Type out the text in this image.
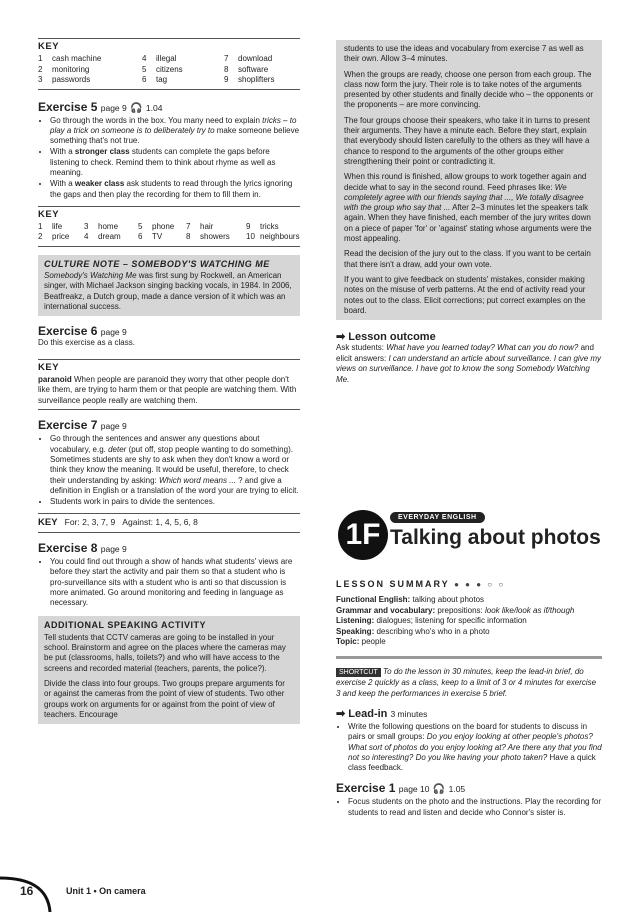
KEY
1	cash machine	4	illegal	7	download
2	monitoring	5	citizens	8	software
3	passwords	6	tag	9	shoplifters
Exercise 5 page 9 🎧 1.04
• Go through the words in the box. You many need to explain tricks – to play a trick on someone is to deliberately try to make someone believe something that's not true.
• With a stronger class students can complete the gaps before listening to check. Remind them to think about rhyme as well as meaning.
• With a weaker class ask students to read through the lyrics ignoring the gaps and then play the recording for them to fill them in.
KEY
1	life	3	home	5	phone	7	hair	9	tricks
2	price	4	dream	6	TV	8	showers	10 neighbours
CULTURE NOTE – SOMEBODY'S WATCHING ME
Somebody's Watching Me was first sung by Rockwell, an American singer, with Michael Jackson singing backing vocals, in 1984. In 2006, Beatfreakz, a Dutch group, made a dance version of it which was an international success.
Exercise 6 page 9
Do this exercise as a class.
KEY
paranoid When people are paranoid they worry that other people don't like them, are trying to harm them or that people are watching them. With surveillance people really are watching them.
Exercise 7 page 9
• Go through the sentences and answer any questions about vocabulary, e.g. deter (put off, stop people wanting to do something). Sometimes students are shy to ask when they don't know a word or think they know the meaning. It would be useful, therefore, to check their understanding by asking: Which word means ... ? and give a definition in English or a translation of the word your are trying to elicit.
• Students work in pairs to divide the sentences.
KEY For: 2, 3, 7, 9 Against: 1, 4, 5, 6, 8
Exercise 8 page 9
• You could find out through a show of hands what students' views are before they start the activity and pair them so that a student who is pro-surveillance sits with a student who is anti so that discussion is more animated. Go around monitoring and feeding in language as necessary.
ADDITIONAL SPEAKING ACTIVITY
Tell students that CCTV cameras are going to be installed in your school. Brainstorm and agree on the places where the cameras may be put (classrooms, halls, toilets?) and who will have access to the screens and recorded material (teachers, parents, the police?).
Divide the class into four groups. Two groups prepare arguments for or against the cameras from the point of view of students. Two other groups work on arguments for or against from the point of view of teachers. Encourage

students to use the ideas and vocabulary from exercise 7 as well as their own. Allow 3–4 minutes.

When the groups are ready, choose one person from each group. The class now form the jury. Their role is to take notes of the arguments presented by other students and finally decide who – the opponents or the proponents – are more convincing.

The four groups choose their speakers, who take it in turns to present their arguments. They have a minute each. Before they start, explain that everybody should listen carefully to the others as they will have a chance to respond to the arguments of the other groups either strengthening their point or contradicting it.

When this round is finished, allow groups to work together again and decide what to say in the second round. Feed phrases like: We completely agree with our friends saying that ..., We totally disagree with the group who say that ... After 2–3 minutes let the speakers talk again. When they have finished, each member of the jury writes down on a piece of paper 'for' or 'against' stating whose arguments were the most appealing.

Read the decision of the jury out to the class. If you want to be certain that there isn't a draw, add your own vote.

If you want to give feedback on students' mistakes, consider making notes on the misuse of verb patterns. At the end of activity read your notes out to the class. Elicit corrections; put correct examples on the board.

➡ Lesson outcome
Ask students: What have you learned today? What can you do now? and elicit answers: I can understand an article about surveillance. I can give my views on surveillance. I have got to know the song Somebody Watching Me.
1F
EVERYDAY ENGLISH
Talking about photos
LESSON SUMMARY ● ● ● ○ ○
Functional English: talking about photos
Grammar and vocabulary: prepositions: look like/look as if/though
Listening: dialogues; listening for specific information
Speaking: describing who's who in a photo
Topic: people
SHORTCUT To do the lesson in 30 minutes, keep the lead-in brief, do exercise 2 quickly as a class, keep to a limit of 3 or 4 minutes for exercise 3 and keep the performances in exercise 5 brief.
➡ Lead-in 3 minutes
• Write the following questions on the board for students to discuss in pairs or small groups: Do you enjoy looking at other people's photos? What sort of photos do you enjoy looking at? Are there any that you find not so interesting? Do you like having your photo taken? Have a quick class feedback.
Exercise 1 page 10 🎧 1.05
• Focus students on the photo and the instructions. Play the recording for students to read and listen and decide who Connor's sister is.
16	Unit 1 • On camera
